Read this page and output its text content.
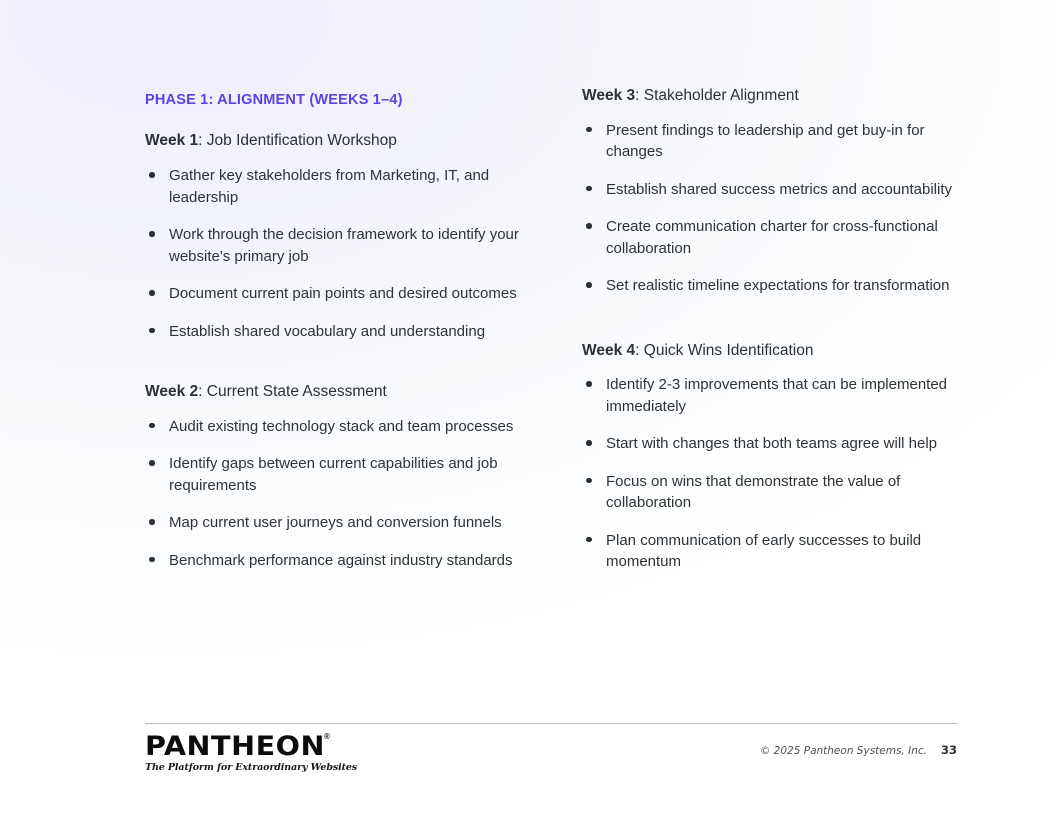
PHASE 1: ALIGNMENT (WEEKS 1–4)

Week 1: Job Identification Workshop

Gather key stakeholders from Marketing, IT, and leadership
Work through the decision framework to identify your website's primary job
Document current pain points and desired outcomes
Establish shared vocabulary and understanding

Week 2: Current State Assessment

Audit existing technology stack and team processes
Identify gaps between current capabilities and job requirements
Map current user journeys and conversion funnels
Benchmark performance against industry standards

Week 3: Stakeholder Alignment

Present findings to leadership and get buy-in for changes
Establish shared success metrics and accountability
Create communication charter for cross-functional collaboration
Set realistic timeline expectations for transformation

Week 4: Quick Wins Identification

Identify 2-3 improvements that can be implemented immediately
Start with changes that both teams agree will help
Focus on wins that demonstrate the value of collaboration
Plan communication of early successes to build momentum
PANTHEON
®
The Platform for Extraordinary Websites
© 2025 Pantheon Systems, Inc. 33
